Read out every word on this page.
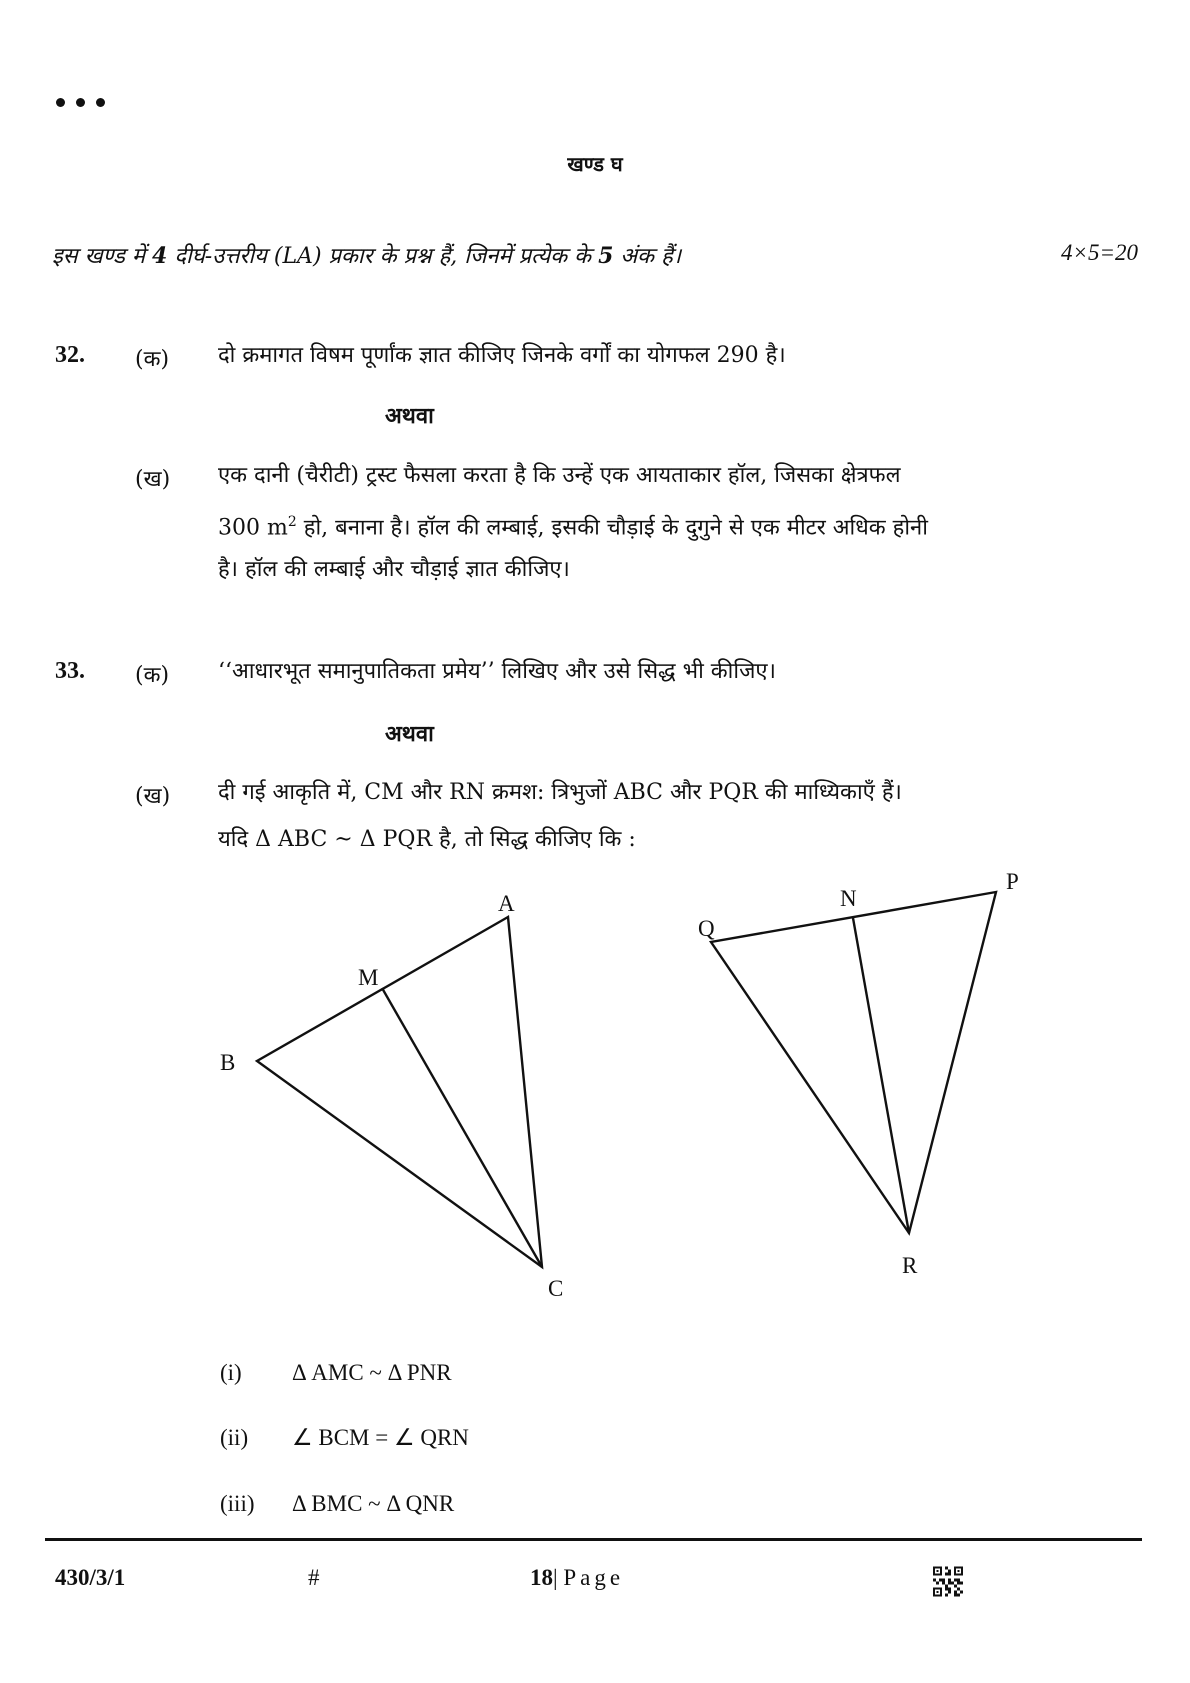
खण्ड घ
इस खण्ड में 4 दीर्घ-उत्तरीय (LA) प्रकार के प्रश्न हैं, जिनमें प्रत्येक के 5 अंक हैं।	4×5=20
32. (क) दो क्रमागत विषम पूर्णांक ज्ञात कीजिए जिनके वर्गों का योगफल 290 है।
अथवा
(ख) एक दानी (चैरीटी) ट्रस्ट फैसला करता है कि उन्हें एक आयताकार हॉल, जिसका क्षेत्रफल
300 $m^2$ हो, बनाना है। हॉल की लम्बाई, इसकी चौड़ाई के दुगुने से एक मीटर अधिक होनी
है। हॉल की लम्बाई और चौड़ाई ज्ञात कीजिए।
33. (क) ‘‘आधारभूत समानुपातिकता प्रमेय’’ लिखिए और उसे सिद्ध भी कीजिए।
अथवा
(ख) दी गई आकृति में, CM और RN क्रमश: त्रिभुजों ABC और PQR की माध्यिकाएँ हैं।
यदि Δ ABC ~ Δ PQR है, तो सिद्ध कीजिए कि :
A
M
B
C
P
N
Q
R
(i) Δ AMC ~ Δ PNR
(ii) ∠ BCM = ∠ QRN
(iii) Δ BMC ~ Δ QNR
430/3/1	#	18| Page
